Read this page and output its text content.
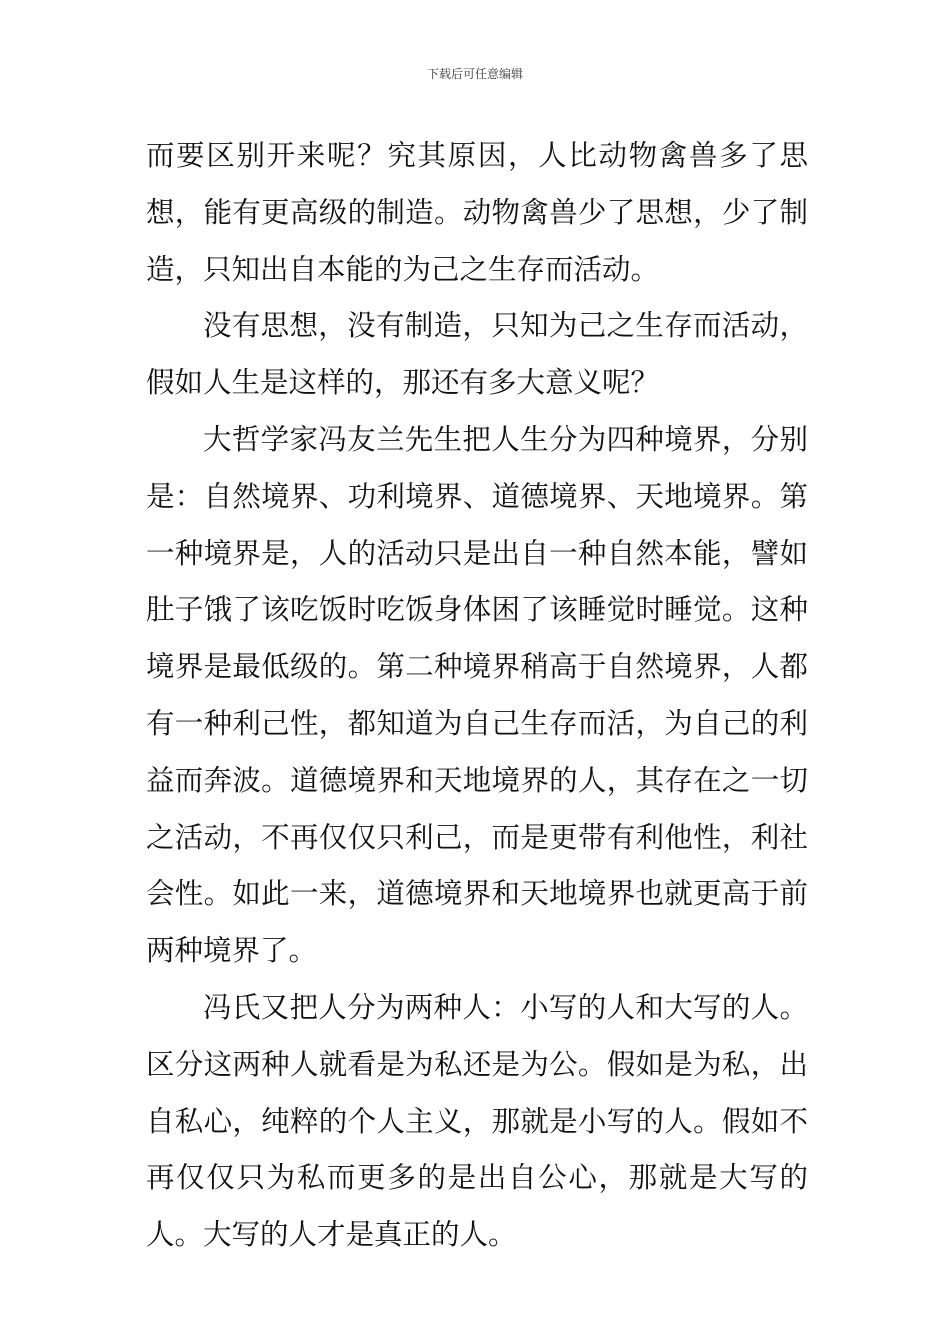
下载后可任意编辑

而要区别开来呢？究其原因，人比动物禽兽多了思想，能有更高级的制造。动物禽兽少了思想，少了制造，只知出自本能的为己之生存而活动。

没有思想，没有制造，只知为己之生存而活动，假如人生是这样的，那还有多大意义呢？

大哲学家冯友兰先生把人生分为四种境界，分别是：自然境界、功利境界、道德境界、天地境界。第一种境界是，人的活动只是出自一种自然本能，譬如肚子饿了该吃饭时吃饭身体困了该睡觉时睡觉。这种境界是最低级的。第二种境界稍高于自然境界，人都有一种利己性，都知道为自己生存而活，为自己的利益而奔波。道德境界和天地境界的人，其存在之一切之活动，不再仅仅只利己，而是更带有利他性，利社会性。如此一来，道德境界和天地境界也就更高于前两种境界了。

冯氏又把人分为两种人：小写的人和大写的人。区分这两种人就看是为私还是为公。假如是为私，出自私心，纯粹的个人主义，那就是小写的人。假如不再仅仅只为私而更多的是出自公心，那就是大写的人。大写的人才是真正的人。
